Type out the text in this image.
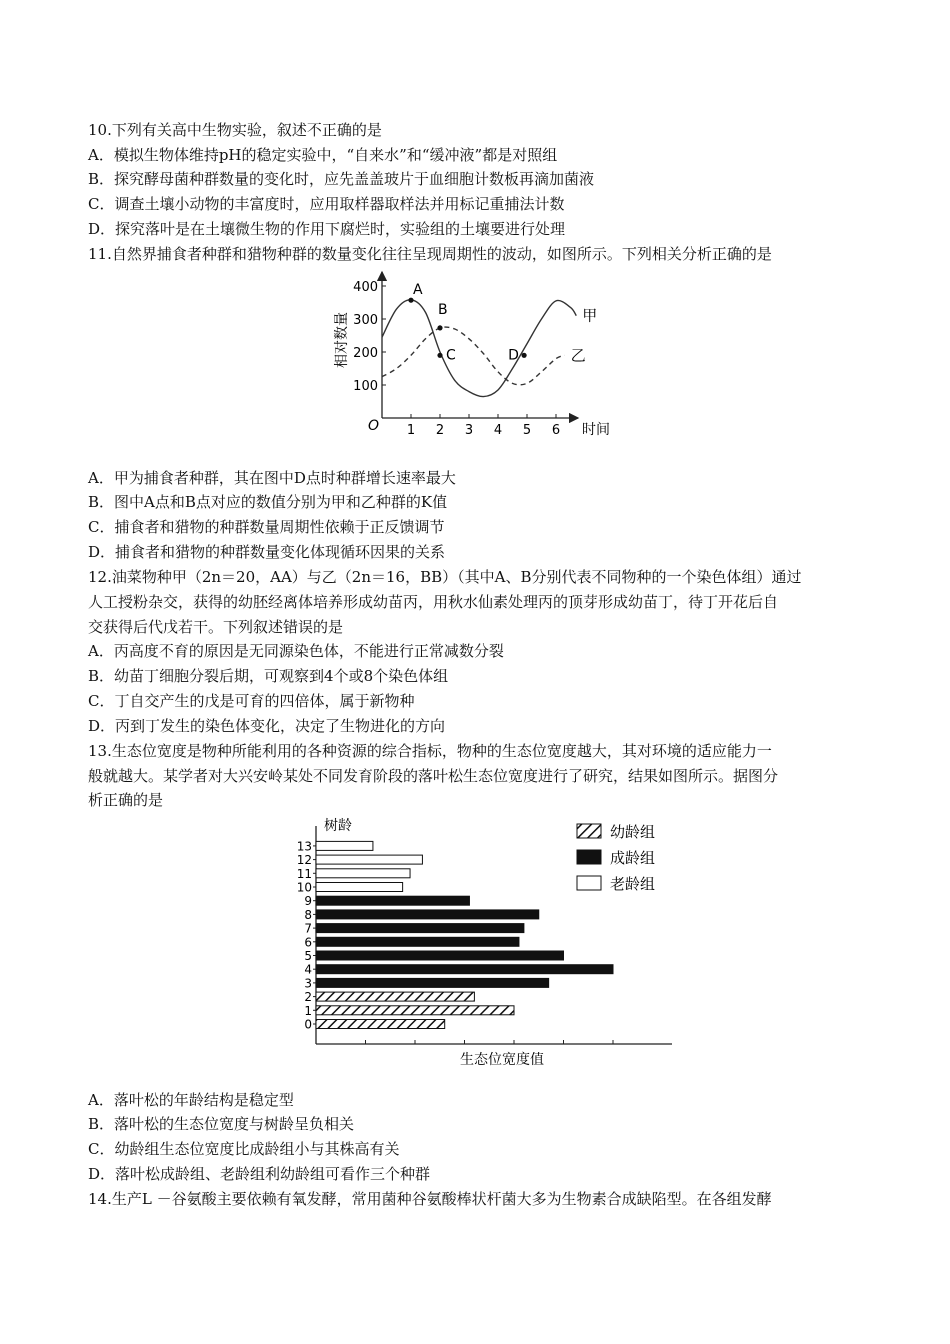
10.下列有关高中生物实验，叙述不正确的是
A．模拟生物体维持pH的稳定实验中，“自来水”和“缓冲液”都是对照组
B．探究酵母菌种群数量的变化时，应先盖盖玻片于血细胞计数板再滴加菌液
C．调查土壤小动物的丰富度时，应用取样器取样法并用标记重捕法计数
D．探究落叶是在土壤微生物的作用下腐烂时，实验组的土壤要进行处理
11.自然界捕食者种群和猎物种群的数量变化往往呈现周期性的波动，如图所示。下列相关分析正确的是
O	时间
相对数量
100
200
300
400
1 2 3 4 5 6
甲
乙
A
B
C	D
A．甲为捕食者种群，其在图中D点时种群增长速率最大
B．图中A点和B点对应的数值分别为甲和乙种群的K值
C．捕食者和猎物的种群数量周期性依赖于正反馈调节
D．捕食者和猎物的种群数量变化体现循环因果的关系
12.油菜物种甲（2n＝20，AA）与乙（2n＝16，BB）（其中A、B分别代表不同物种的一个染色体组）通过
人工授粉杂交，获得的幼胚经离体培养形成幼苗丙，用秋水仙素处理丙的顶芽形成幼苗丁，待丁开花后自
交获得后代戊若干。下列叙述错误的是
A．丙高度不育的原因是无同源染色体，不能进行正常减数分裂
B．幼苗丁细胞分裂后期，可观察到4个或8个染色体组
C．丁自交产生的戊是可育的四倍体，属于新物种
D．丙到丁发生的染色体变化，决定了生物进化的方向
13.生态位宽度是物种所能利用的各种资源的综合指标，物种的生态位宽度越大，其对环境的适应能力一
般就越大。某学者对大兴安岭某处不同发育阶段的落叶松生态位宽度进行了研究，结果如图所示。据图分
析正确的是
树龄
生态位宽度值
0
1
2
3
4
5
6
7
8
9
10
11
12
13
幼龄组
成龄组
老龄组
A．落叶松的年龄结构是稳定型
B．落叶松的生态位宽度与树龄呈负相关
C．幼龄组生态位宽度比成龄组小与其株高有关
D．落叶松成龄组、老龄组利幼龄组可看作三个种群
14.生产L －谷氨酸主要依赖有氧发酵，常用菌种谷氨酸棒状杆菌大多为生物素合成缺陷型。在各组发酵
